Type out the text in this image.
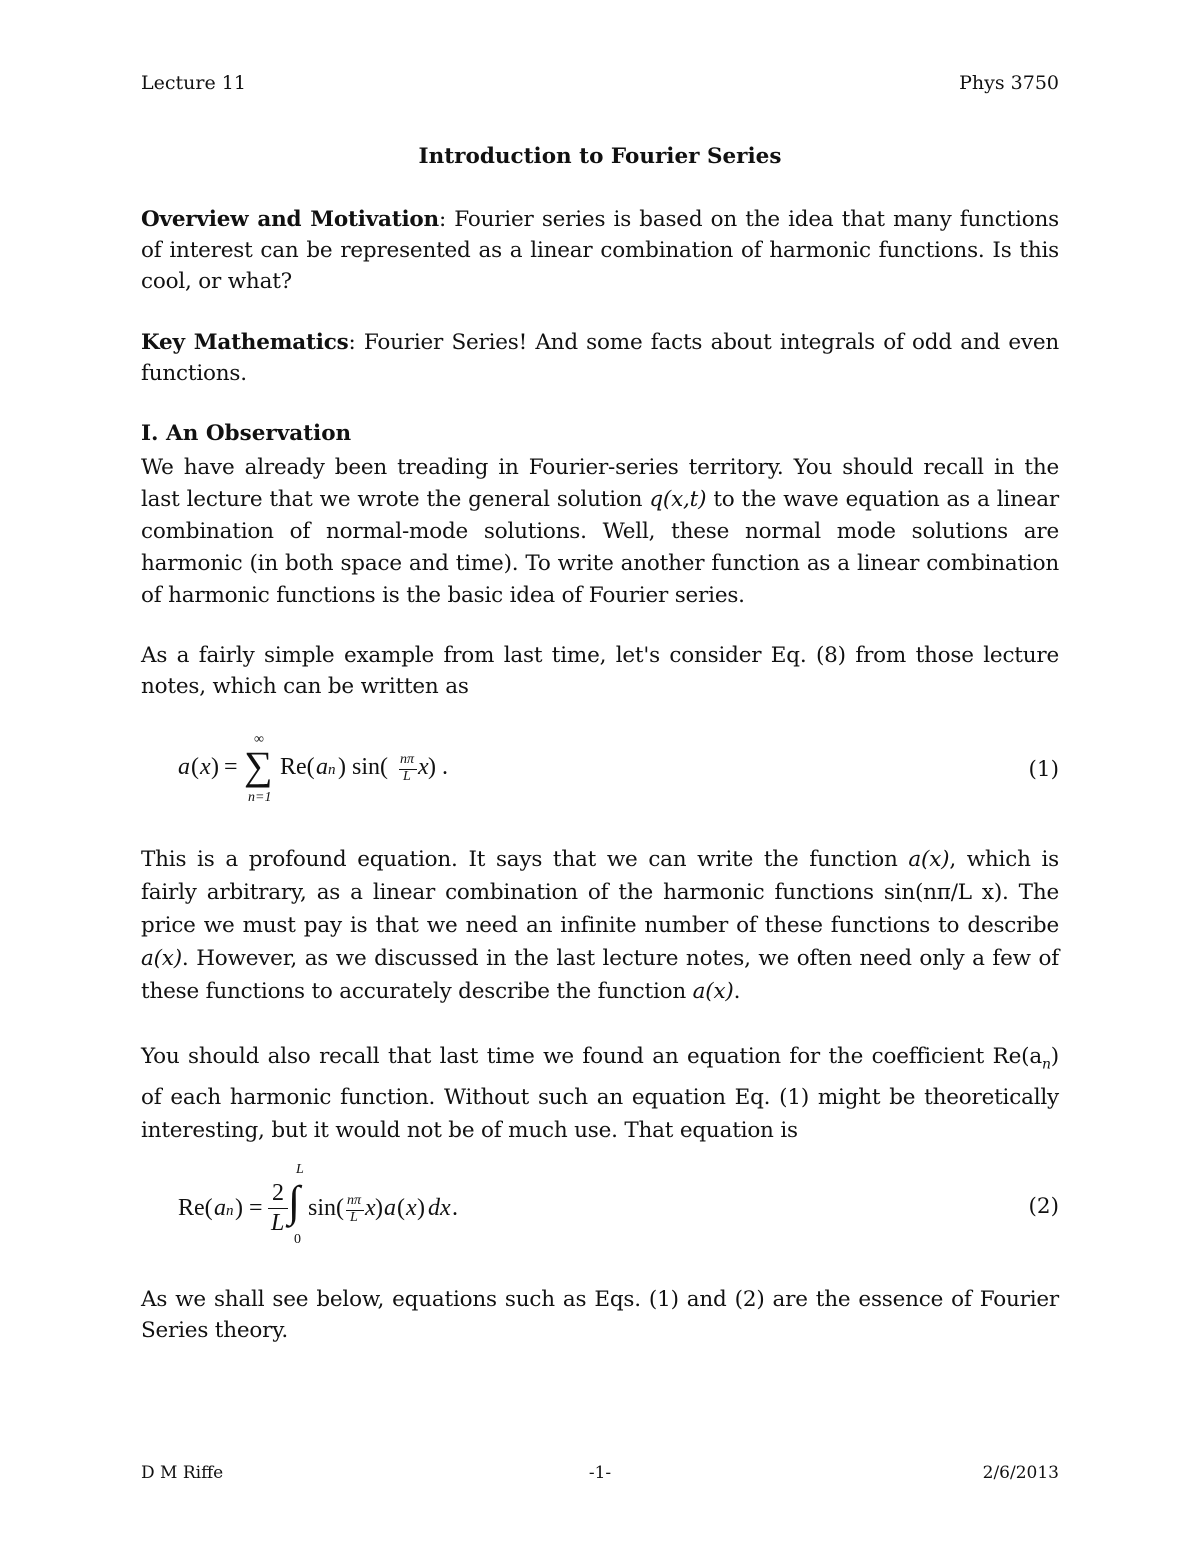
Lecture 11	Phys 3750
Introduction to Fourier Series
Overview and Motivation: Fourier series is based on the idea that many functions of interest can be represented as a linear combination of harmonic functions. Is this cool, or what?
Key Mathematics: Fourier Series! And some facts about integrals of odd and even functions.
I. An Observation
We have already been treading in Fourier-series territory. You should recall in the last lecture that we wrote the general solution q(x,t) to the wave equation as a linear combination of normal-mode solutions. Well, these normal mode solutions are harmonic (in both space and time). To write another function as a linear combination of harmonic functions is the basic idea of Fourier series.
As a fairly simple example from last time, let's consider Eq. (8) from those lecture notes, which can be written as
a ( x ) =
∞
∑
n=1
Re( a n ) sin( nπ
L x ) .	(1)
This is a profound equation. It says that we can write the function a(x), which is fairly arbitrary, as a linear combination of the harmonic functions sin(nπ/L x). The price we must pay is that we need an infinite number of these functions to describe a(x). However, as we discussed in the last lecture notes, we often need only a few of these functions to accurately describe the function a(x).
You should also recall that last time we found an equation for the coefficient $Re(a_n)$ of each harmonic function. Without such an equation Eq. (1) might be theoretically interesting, but it would not be of much use. That equation is
Re( a n ) =
2
L
L
∫
0
sin( nπ
L x ) a ( x ) dx .	(2)
As we shall see below, equations such as Eqs. (1) and (2) are the essence of Fourier Series theory.
D M Riffe	-1-	2/6/2013
